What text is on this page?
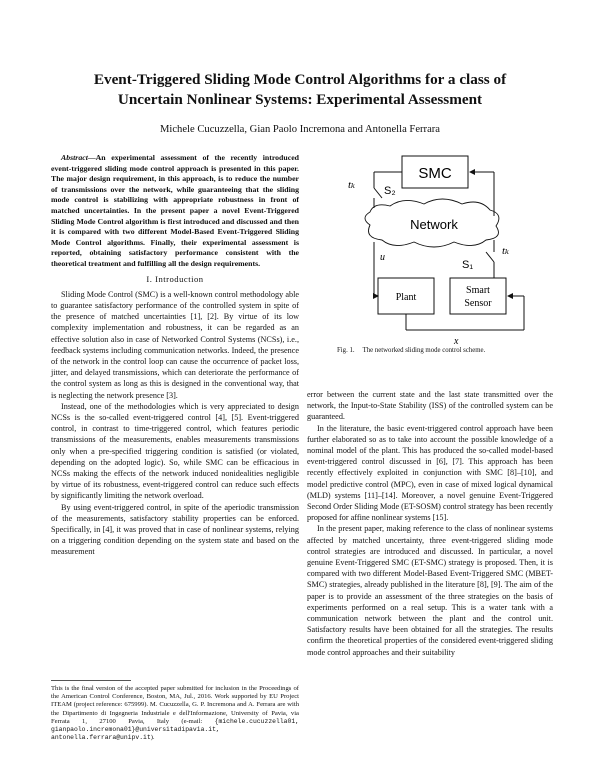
Event-Triggered Sliding Mode Control Algorithms for a class of
Uncertain Nonlinear Systems: Experimental Assessment
Michele Cucuzzella, Gian Paolo Incremona and Antonella Ferrara

Abstract—An experimental assessment of the recently introduced event-triggered sliding mode control approach is presented in this paper. The major design requirement, in this approach, is to reduce the number of transmissions over the network, while guaranteeing that the sliding mode control is stabilizing with appropriate robustness in front of matched uncertainties. In the present paper a novel Event-Triggered Sliding Mode Control algorithm is first introduced and discussed and then it is compared with two different Model-Based Event-Triggered Sliding Mode Control algorithms. Finally, their experimental assessment is reported, obtaining satisfactory performance consistent with the theoretical treatment and fulfilling all the design requirements.

I. Introduction

Sliding Mode Control (SMC) is a well-known control methodology able to guarantee satisfactory performance of the controlled system in spite of the presence of matched uncertainties [1], [2]. By virtue of its low complexity implementation and robustness, it can be regarded as an effective solution also in case of Networked Control Systems (NCSs), i.e., feedback systems including communication networks. Indeed, the presence of the network in the control loop can cause the occurrence of packet loss, jitter, and delayed transmissions, which can deteriorate the performance of the control system as long as this is designed in the conventional way, that is neglecting the network presence [3].

Instead, one of the methodologies which is very appreciated to design NCSs is the so-called event-triggered control [4], [5]. Event-triggered control, in contrast to time-triggered control, which features periodic transmissions of the measurements, enables measurements transmissions only when a pre-specified triggering condition is satisfied (or violated, depending on the adopted logic). So, while SMC can be efficacious in NCSs making the effects of the network induced nonidealities negligible by virtue of its robustness, event-triggered control can reduce such effects by significantly limiting the network overload.

By using event-triggered control, in spite of the aperiodic transmission of the measurements, satisfactory stability properties can be enforced. Specifically, in [4], it was proved that in case of nonlinear systems, relying on a triggering condition depending on the system state and based on the measurement

This is the final version of the accepted paper submitted for inclusion in the Proceedings of the American Control Conference, Boston, MA, Jul., 2016. Work supported by EU Project ITEAM (project reference: 675999). M. Cucuzzella, G. P. Incremona and A. Ferrara are with the Dipartimento di Ingegneria Industriale e dell'Informazione, University of Pavia, via Ferrata 1, 27100 Pavia, Italy (e-mail: {michele.cucuzzella01, gianpaolo.incremona01}@universitadipavia.it, antonella.ferrara@unipv.it).
SMC
Network
Plant
Smart
Sensor
tₖ	S₂
u
S₁
tₖ
x
Fig. 1. The networked sliding mode control scheme.

error between the current state and the last state transmitted over the network, the Input-to-State Stability (ISS) of the controlled system can be guaranteed.

In the literature, the basic event-triggered control approach have been further elaborated so as to take into account the possible knowledge of a nominal model of the plant. This has produced the so-called model-based event-triggered control discussed in [6], [7]. This approach has been recently effectively exploited in conjunction with SMC [8]–[10], and model predictive control (MPC), even in case of mixed logical dynamical (MLD) systems [11]–[14]. Moreover, a novel genuine Event-Triggered Second Order Sliding Mode (ET-SOSM) control strategy has been recently proposed for affine nonlinear systems [15].

In the present paper, making reference to the class of nonlinear systems affected by matched uncertainty, three event-triggered sliding mode control strategies are introduced and discussed. In particular, a novel genuine Event-Triggered SMC (ET-SMC) strategy is proposed. Then, it is compared with two different Model-Based Event-Triggered SMC (MBET-SMC) strategies, already published in the literature [8], [9]. The aim of the paper is to provide an assessment of the three strategies on the basis of experiments performed on a real setup. This is a water tank with a communication network between the plant and the control unit. Satisfactory results have been obtained for all the strategies. The results confirm the theoretical properties of the considered event-triggered sliding mode control approaches and their suitability
